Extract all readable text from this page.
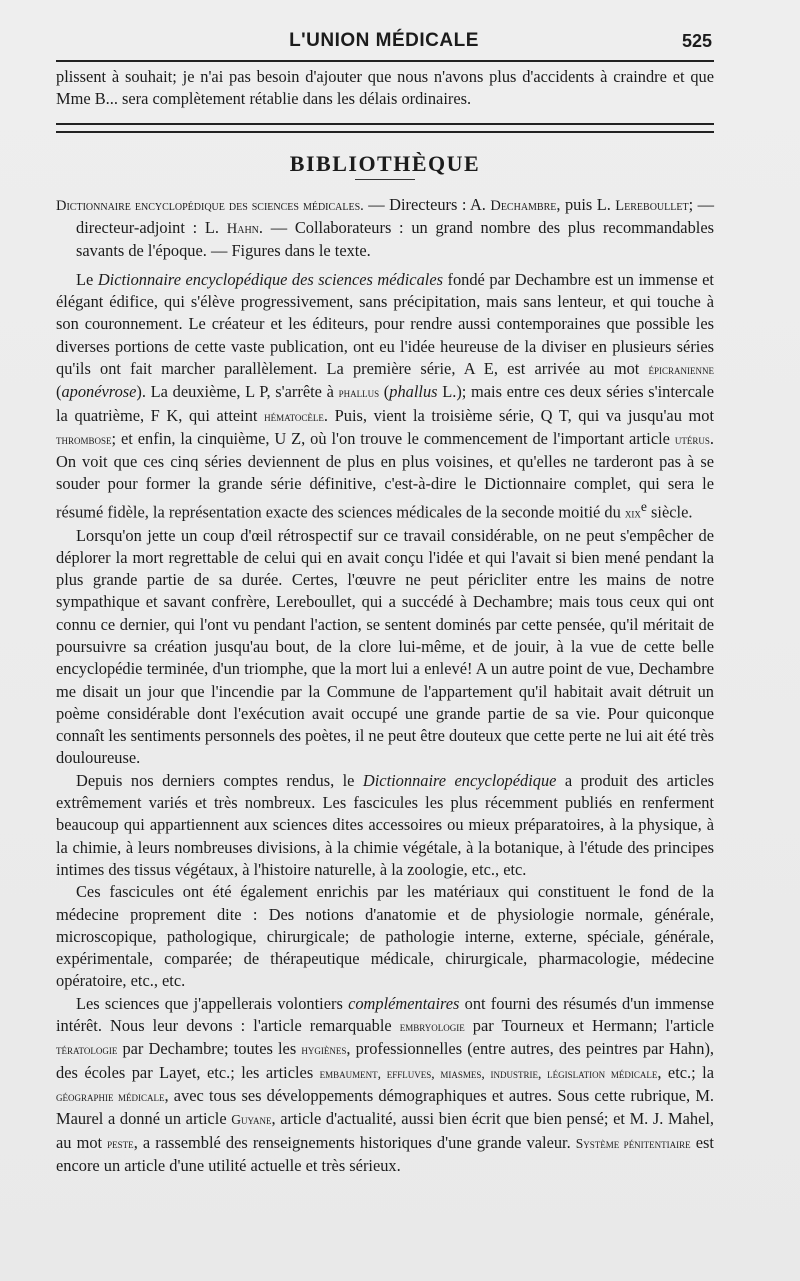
L'UNION MÉDICALE	525

plissent à souhait; je n'ai pas besoin d'ajouter que nous n'avons plus d'accidents à craindre et que Mme B... sera complètement rétablie dans les délais ordinaires.

BIBLIOTHÈQUE

Dictionnaire encyclopédique des sciences médicales. — Directeurs : A. Dechambre, puis L. Lereboullet; — directeur-adjoint : L. Hahn. — Collaborateurs : un grand nombre des plus recommandables savants de l'époque. — Figures dans le texte.

Le Dictionnaire encyclopédique des sciences médicales fondé par Dechambre est un immense et élégant édifice, qui s'élève progressivement, sans précipitation, mais sans lenteur, et qui touche à son couronnement. Le créateur et les éditeurs, pour rendre aussi contemporaines que possible les diverses portions de cette vaste publication, ont eu l'idée heureuse de la diviser en plusieurs séries qu'ils ont fait marcher parallèlement. La première série, A E, est arrivée au mot épicranienne (aponévrose). La deuxième, L P, s'arrête à phallus (phallus L.); mais entre ces deux séries s'intercale la quatrième, F K, qui atteint hématocèle. Puis, vient la troisième série, Q T, qui va jusqu'au mot thrombose; et enfin, la cinquième, U Z, où l'on trouve le commencement de l'important article utérus. On voit que ces cinq séries deviennent de plus en plus voisines, et qu'elles ne tarderont pas à se souder pour former la grande série définitive, c'est-à-dire le Dictionnaire complet, qui sera le résumé fidèle, la représentation exacte des sciences médicales de la seconde moitié du xix$^e$ siècle.

Lorsqu'on jette un coup d'œil rétrospectif sur ce travail considérable, on ne peut s'empêcher de déplorer la mort regrettable de celui qui en avait conçu l'idée et qui l'avait si bien mené pendant la plus grande partie de sa durée. Certes, l'œuvre ne peut péricliter entre les mains de notre sympathique et savant confrère, Lereboullet, qui a succédé à Dechambre; mais tous ceux qui ont connu ce dernier, qui l'ont vu pendant l'action, se sentent dominés par cette pensée, qu'il méritait de poursuivre sa création jusqu'au bout, de la clore lui-même, et de jouir, à la vue de cette belle encyclopédie terminée, d'un triomphe, que la mort lui a enlevé! A un autre point de vue, Dechambre me disait un jour que l'incendie par la Commune de l'appartement qu'il habitait avait détruit un poème considérable dont l'exécution avait occupé une grande partie de sa vie. Pour quiconque connaît les sentiments personnels des poètes, il ne peut être douteux que cette perte ne lui ait été très douloureuse.

Depuis nos derniers comptes rendus, le Dictionnaire encyclopédique a produit des articles extrêmement variés et très nombreux. Les fascicules les plus récemment publiés en renferment beaucoup qui appartiennent aux sciences dites accessoires ou mieux préparatoires, à la physique, à la chimie, à leurs nombreuses divisions, à la chimie végétale, à la botanique, à l'étude des principes intimes des tissus végétaux, à l'histoire naturelle, à la zoologie, etc., etc.

Ces fascicules ont été également enrichis par les matériaux qui constituent le fond de la médecine proprement dite : Des notions d'anatomie et de physiologie normale, générale, microscopique, pathologique, chirurgicale; de pathologie interne, externe, spéciale, générale, expérimentale, comparée; de thérapeutique médicale, chirurgicale, pharmacologie, médecine opératoire, etc., etc.

Les sciences que j'appellerais volontiers complémentaires ont fourni des résumés d'un immense intérêt. Nous leur devons : l'article remarquable embryologie par Tourneux et Hermann; l'article tératologie par Dechambre; toutes les hygiènes, professionnelles (entre autres, des peintres par Hahn), des écoles par Layet, etc.; les articles embaument, effluves, miasmes, industrie, législation médicale, etc.; la géographie médicale, avec tous ses développements démographiques et autres. Sous cette rubrique, M. Maurel a donné un article Guyane, article d'actualité, aussi bien écrit que bien pensé; et M. J. Mahel, au mot peste, a rassemblé des renseignements historiques d'une grande valeur. Système pénitentiaire est encore un article d'une utilité actuelle et très sérieux.
